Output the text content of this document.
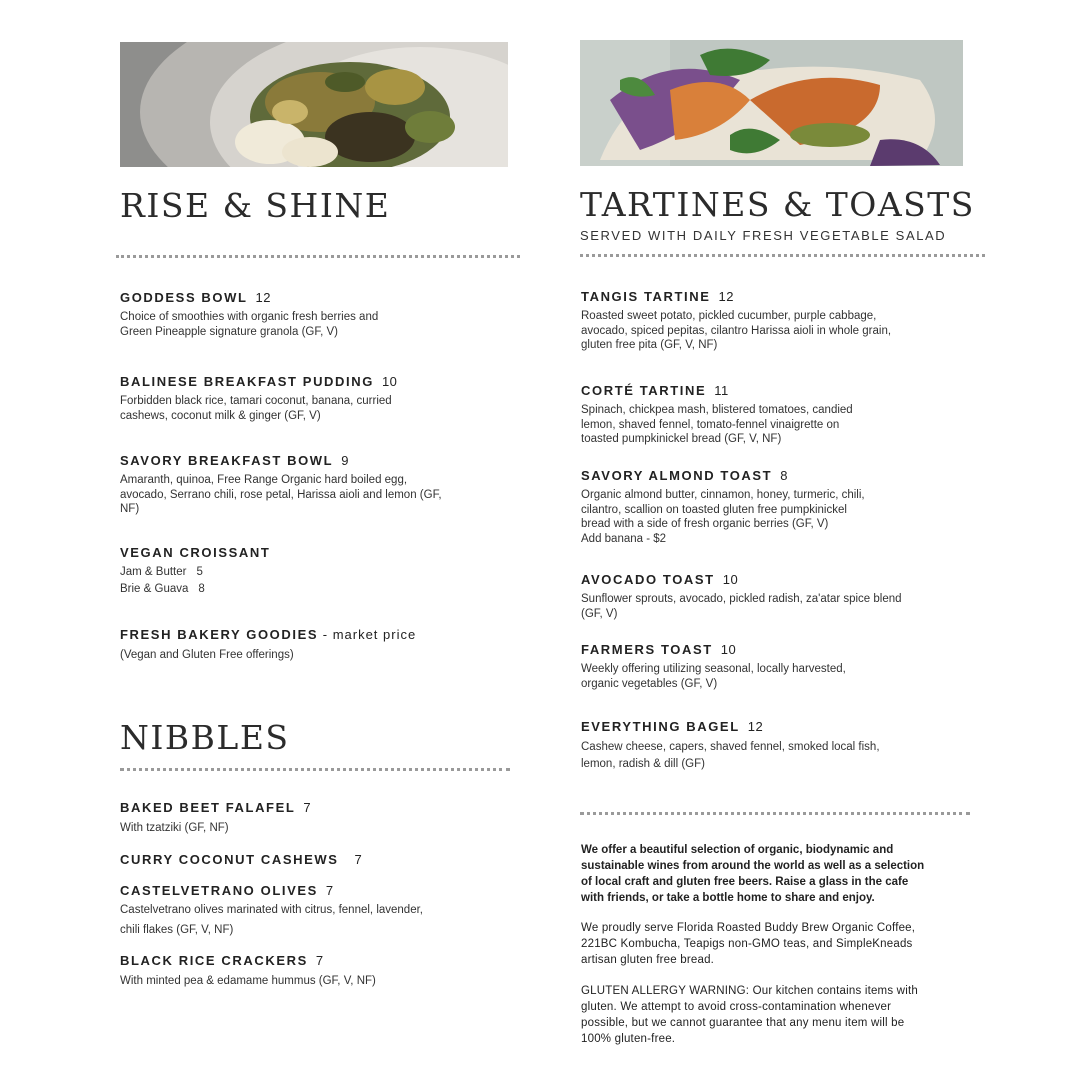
RISE & SHINE

GODDESS BOWL 12

Choice of smoothies with organic fresh berries and
Green Pineapple signature granola (GF, V)

BALINESE BREAKFAST PUDDING 10

Forbidden black rice, tamari coconut, banana, curried
cashews, coconut milk & ginger (GF, V)

SAVORY BREAKFAST BOWL 9

Amaranth, quinoa, Free Range Organic hard boiled egg,
avocado, Serrano chili, rose petal, Harissa aioli and lemon (GF,
NF)

VEGAN CROISSANT

Jam & Butter 5
Brie & Guava 8

FRESH BAKERY GOODIES - market price

(Vegan and Gluten Free offerings)

NIBBLES

BAKED BEET FALAFEL 7

With tzatziki (GF, NF)

CURRY COCONUT CASHEWS 7

CASTELVETRANO OLIVES 7

Castelvetrano olives marinated with citrus, fennel, lavender,
chili flakes (GF, V, NF)

BLACK RICE CRACKERS 7

With minted pea & edamame hummus (GF, V, NF)

TARTINES & TOASTS

SERVED WITH DAILY FRESH VEGETABLE SALAD

TANGIS TARTINE 12

Roasted sweet potato, pickled cucumber, purple cabbage,
avocado, spiced pepitas, cilantro Harissa aioli in whole grain,
gluten free pita (GF, V, NF)

CORTÉ TARTINE 11

Spinach, chickpea mash, blistered tomatoes, candied
lemon, shaved fennel, tomato-fennel vinaigrette on
toasted pumpkinickel bread (GF, V, NF)

SAVORY ALMOND TOAST 8

Organic almond butter, cinnamon, honey, turmeric, chili,
cilantro, scallion on toasted gluten free pumpkinickel
bread with a side of fresh organic berries (GF, V)
Add banana - $2

AVOCADO TOAST 10

Sunflower sprouts, avocado, pickled radish, za'atar spice blend
(GF, V)

FARMERS TOAST 10

Weekly offering utilizing seasonal, locally harvested,
organic vegetables (GF, V)

EVERYTHING BAGEL 12

Cashew cheese, capers, shaved fennel, smoked local fish,
lemon, radish & dill (GF)

We offer a beautiful selection of organic, biodynamic and
sustainable wines from around the world as well as a selection
of local craft and gluten free beers. Raise a glass in the cafe
with friends, or take a bottle home to share and enjoy.

We proudly serve Florida Roasted Buddy Brew Organic Coffee,
221BC Kombucha, Teapigs non-GMO teas, and SimpleKneads
artisan gluten free bread.

GLUTEN ALLERGY WARNING: Our kitchen contains items with
gluten. We attempt to avoid cross-contamination whenever
possible, but we cannot guarantee that any menu item will be
100% gluten-free.
